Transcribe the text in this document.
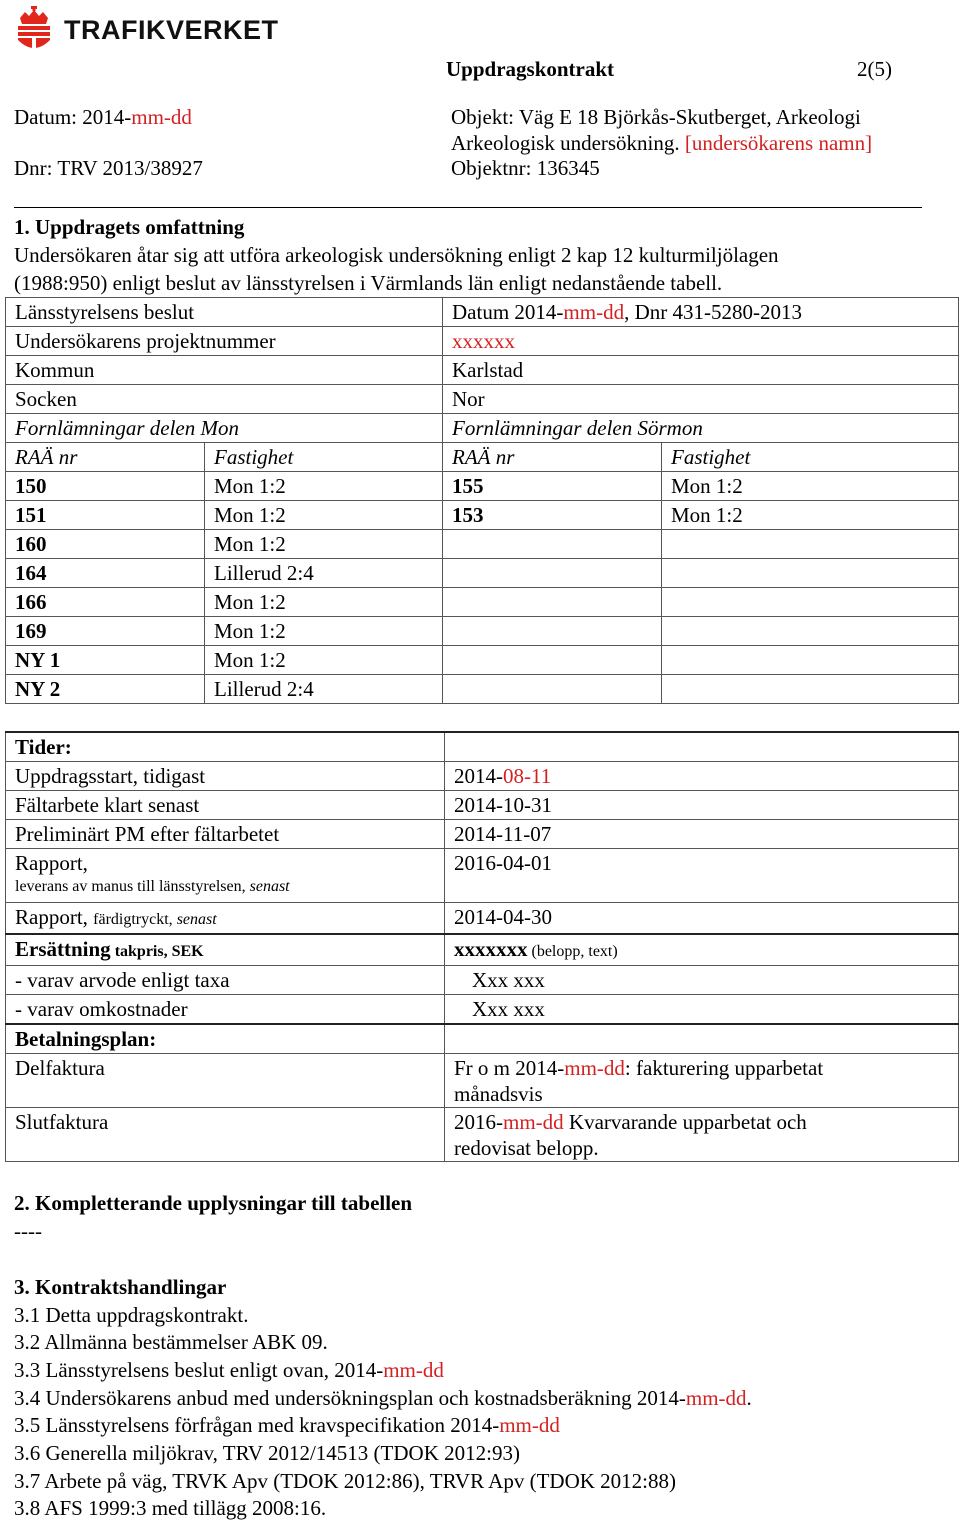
TRAFIKVERKET
Uppdragskontrakt	2(5)
Datum: 2014-mm-dd	Objekt: Väg E 18 Björkås-Skutberget, Arkeologi
Arkeologisk undersökning. [undersökarens namn]
Dnr: TRV 2013/38927	Objektnr: 136345
1. Uppdragets omfattning
Undersökaren åtar sig att utföra arkeologisk undersökning enligt 2 kap 12 kulturmiljölagen
(1988:950) enligt beslut av länsstyrelsen i Värmlands län enligt nedanstående tabell.
Länsstyrelsens beslut		Datum 2014-mm-dd, Dnr 431-5280-2013	
Undersökarens projektnummer		xxxxxx	
Kommun		Karlstad	
Socken		Nor	
Fornlämningar delen Mon		Fornlämningar delen Sörmon	
RAÄ nr	Fastighet	RAÄ nr	Fastighet
150	Mon 1:2	155	Mon 1:2
151	Mon 1:2	153	Mon 1:2
160	Mon 1:2		
164	Lillerud 2:4		
166	Mon 1:2		
169	Mon 1:2		
NY 1	Mon 1:2		
NY 2	Lillerud 2:4		
Tider:	
Uppdragsstart, tidigast	2014-08-11
Fältarbete klart senast	2014-10-31
Preliminärt PM efter fältarbetet	2014-11-07

Rapport,
leverans av manus till länsstyrelsen, senast	2016-04-01
Rapport, färdigtryckt, senast	2014-04-30
Ersättning takpris, SEK	xxxxxxx (belopp, text)
- varav arvode enligt taxa	Xxx xxx
- varav omkostnader	Xxx xxx
Betalningsplan:	
Delfaktura	Fr o m 2014-mm-dd: fakturering upparbetat
månadsvis

Slutfaktura	2016-mm-dd Kvarvarande upparbetat och
redovisat belopp.
2. Kompletterande upplysningar till tabellen
----
3. Kontraktshandlingar
3.1 Detta uppdragskontrakt.
3.2 Allmänna bestämmelser ABK 09.
3.3 Länsstyrelsens beslut enligt ovan, 2014-mm-dd
3.4 Undersökarens anbud med undersökningsplan och kostnadsberäkning 2014-mm-dd.
3.5 Länsstyrelsens förfrågan med kravspecifikation 2014-mm-dd
3.6 Generella miljökrav, TRV 2012/14513 (TDOK 2012:93)
3.7 Arbete på väg, TRVK Apv (TDOK 2012:86), TRVR Apv (TDOK 2012:88)
3.8 AFS 1999:3 med tillägg 2008:16.
